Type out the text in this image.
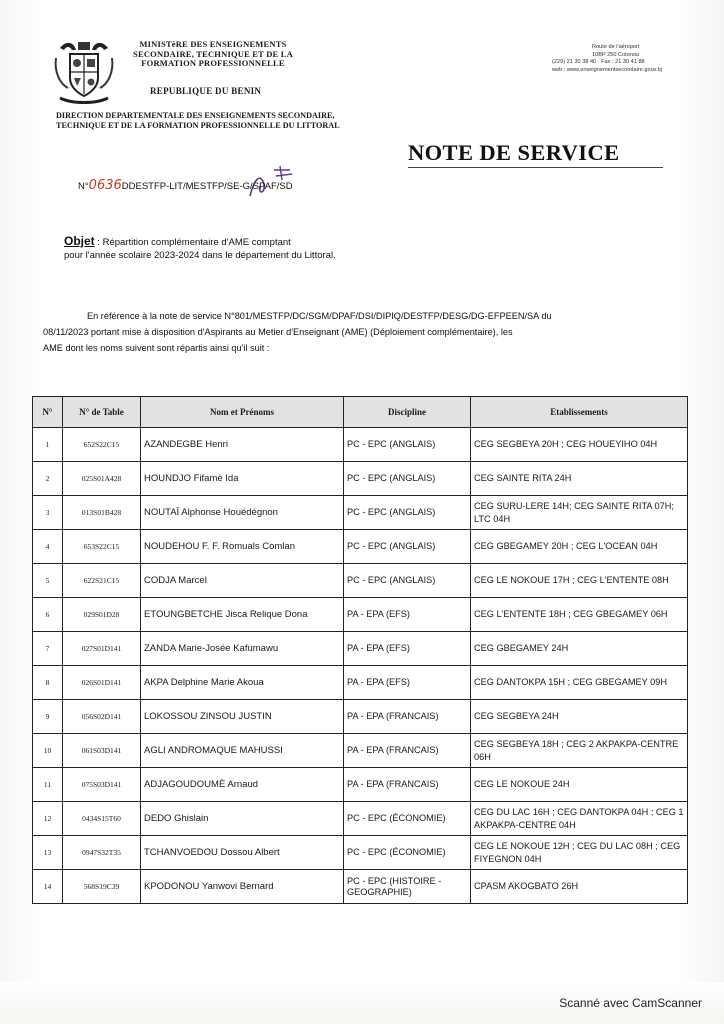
MINISTèRE DES ENSEIGNEMENTS
SECONDAIRE, TECHNIQUE ET DE LA
FORMATION PROFESSIONNELLE
REPUBLIQUE DU BENIN
DIRECTION DEPARTEMENTALE DES ENSEIGNEMENTS SECONDAIRE,
TECHNIQUE ET DE LA FORMATION PROFESSIONNELLE DU LITTORAL
Route de l'aéroport
10BP 250 Cotonou
(229) 21 30 38 40 · Fax : 21 30 41 88
web : www.enseignementsecondaire.gouv.bj
NOTE DE SERVICE
N°0636DDESTFP-LIT/MESTFP/SE-G/SPAF/SD
Objet : Répartition complémentaire d'AME comptant
pour l'année scolaire 2023-2024 dans le département du Littoral.
En référence à la note de service N°801/MESTFP/DC/SGM/DPAF/DSI/DIPIQ/DESTFP/DESG/DG-EFPEEN/SA du
08/11/2023 portant mise à disposition d'Aspirants au Metier d'Enseignant (AME) (Déploiement complémentaire), les
AME dont les noms suivent sont répartis ainsi qu'il suit :
N°	N° de Table	Nom et Prénoms	Discipline	Etablissements
1	652S22C15	AZANDEGBE Henri	PC - EPC (ANGLAIS)	CEG SEGBEYA 20H ; CEG HOUEYIHO 04H
2	025S01A428	HOUNDJO Fifamè Ida	PC - EPC (ANGLAIS)	CEG SAINTE RITA 24H
3	013S01B428	NOUTAÏ Alphonse Houédégnon	PC - EPC (ANGLAIS)	CEG SURU-LERE 14H; CEG SAINTE RITA 07H; LTC 04H
4	653S22C15	NOUDEHOU F. F. Romuals Comlan	PC - EPC (ANGLAIS)	CEG GBEGAMEY 20H ; CEG L'OCEAN 04H
5	622S21C15	CODJA Marcel	PC - EPC (ANGLAIS)	CEG LE NOKOUE 17H ; CEG L'ENTENTE 08H
6	029S01D28	ETOUNGBETCHE Jisca Relique Dona	PA - EPA (EFS)	CEG L'ENTENTE 18H ; CEG GBEGAMEY 06H
7	027S01D141	ZANDA Marie-Josée Kafumawu	PA - EPA (EFS)	CEG GBEGAMEY 24H
8	026S01D141	AKPA Delphine Marie Akoua	PA - EPA (EFS)	CEG DANTOKPA 15H ; CEG GBEGAMEY 09H
9	056S02D141	LOKOSSOU ZINSOU JUSTIN	PA - EPA (FRANCAIS)	CEG SEGBEYA 24H
10	061S03D141	AGLI ANDROMAQUE MAHUSSI	PA - EPA (FRANCAIS)	CEG SEGBEYA 18H ; CEG 2 AKPAKPA-CENTRE 06H
11	075S03D141	ADJAGOUDOUMÈ Arnaud	PA - EPA (FRANCAIS)	CEG LE NOKOUE 24H
12	0434S15T60	DEDO Ghislain	PC - EPC (ÉCONOMIE)	CEG DU LAC 16H ; CEG DANTOKPA 04H ; CEG 1 AKPAKPA-CENTRE 04H
13	0947S32T35	TCHANVOEDOU Dossou Albert	PC - EPC (ÉCONOMIE)	CEG LE NOKOUE 12H ; CEG DU LAC 08H ; CEG FIYEGNON 04H
14	568S19C39	KPODONOU Yanwovi Bernard	PC - EPC (HISTOIRE - GEOGRAPHIE)	CPASM AKOGBATO 26H
Scanné avec CamScanner
